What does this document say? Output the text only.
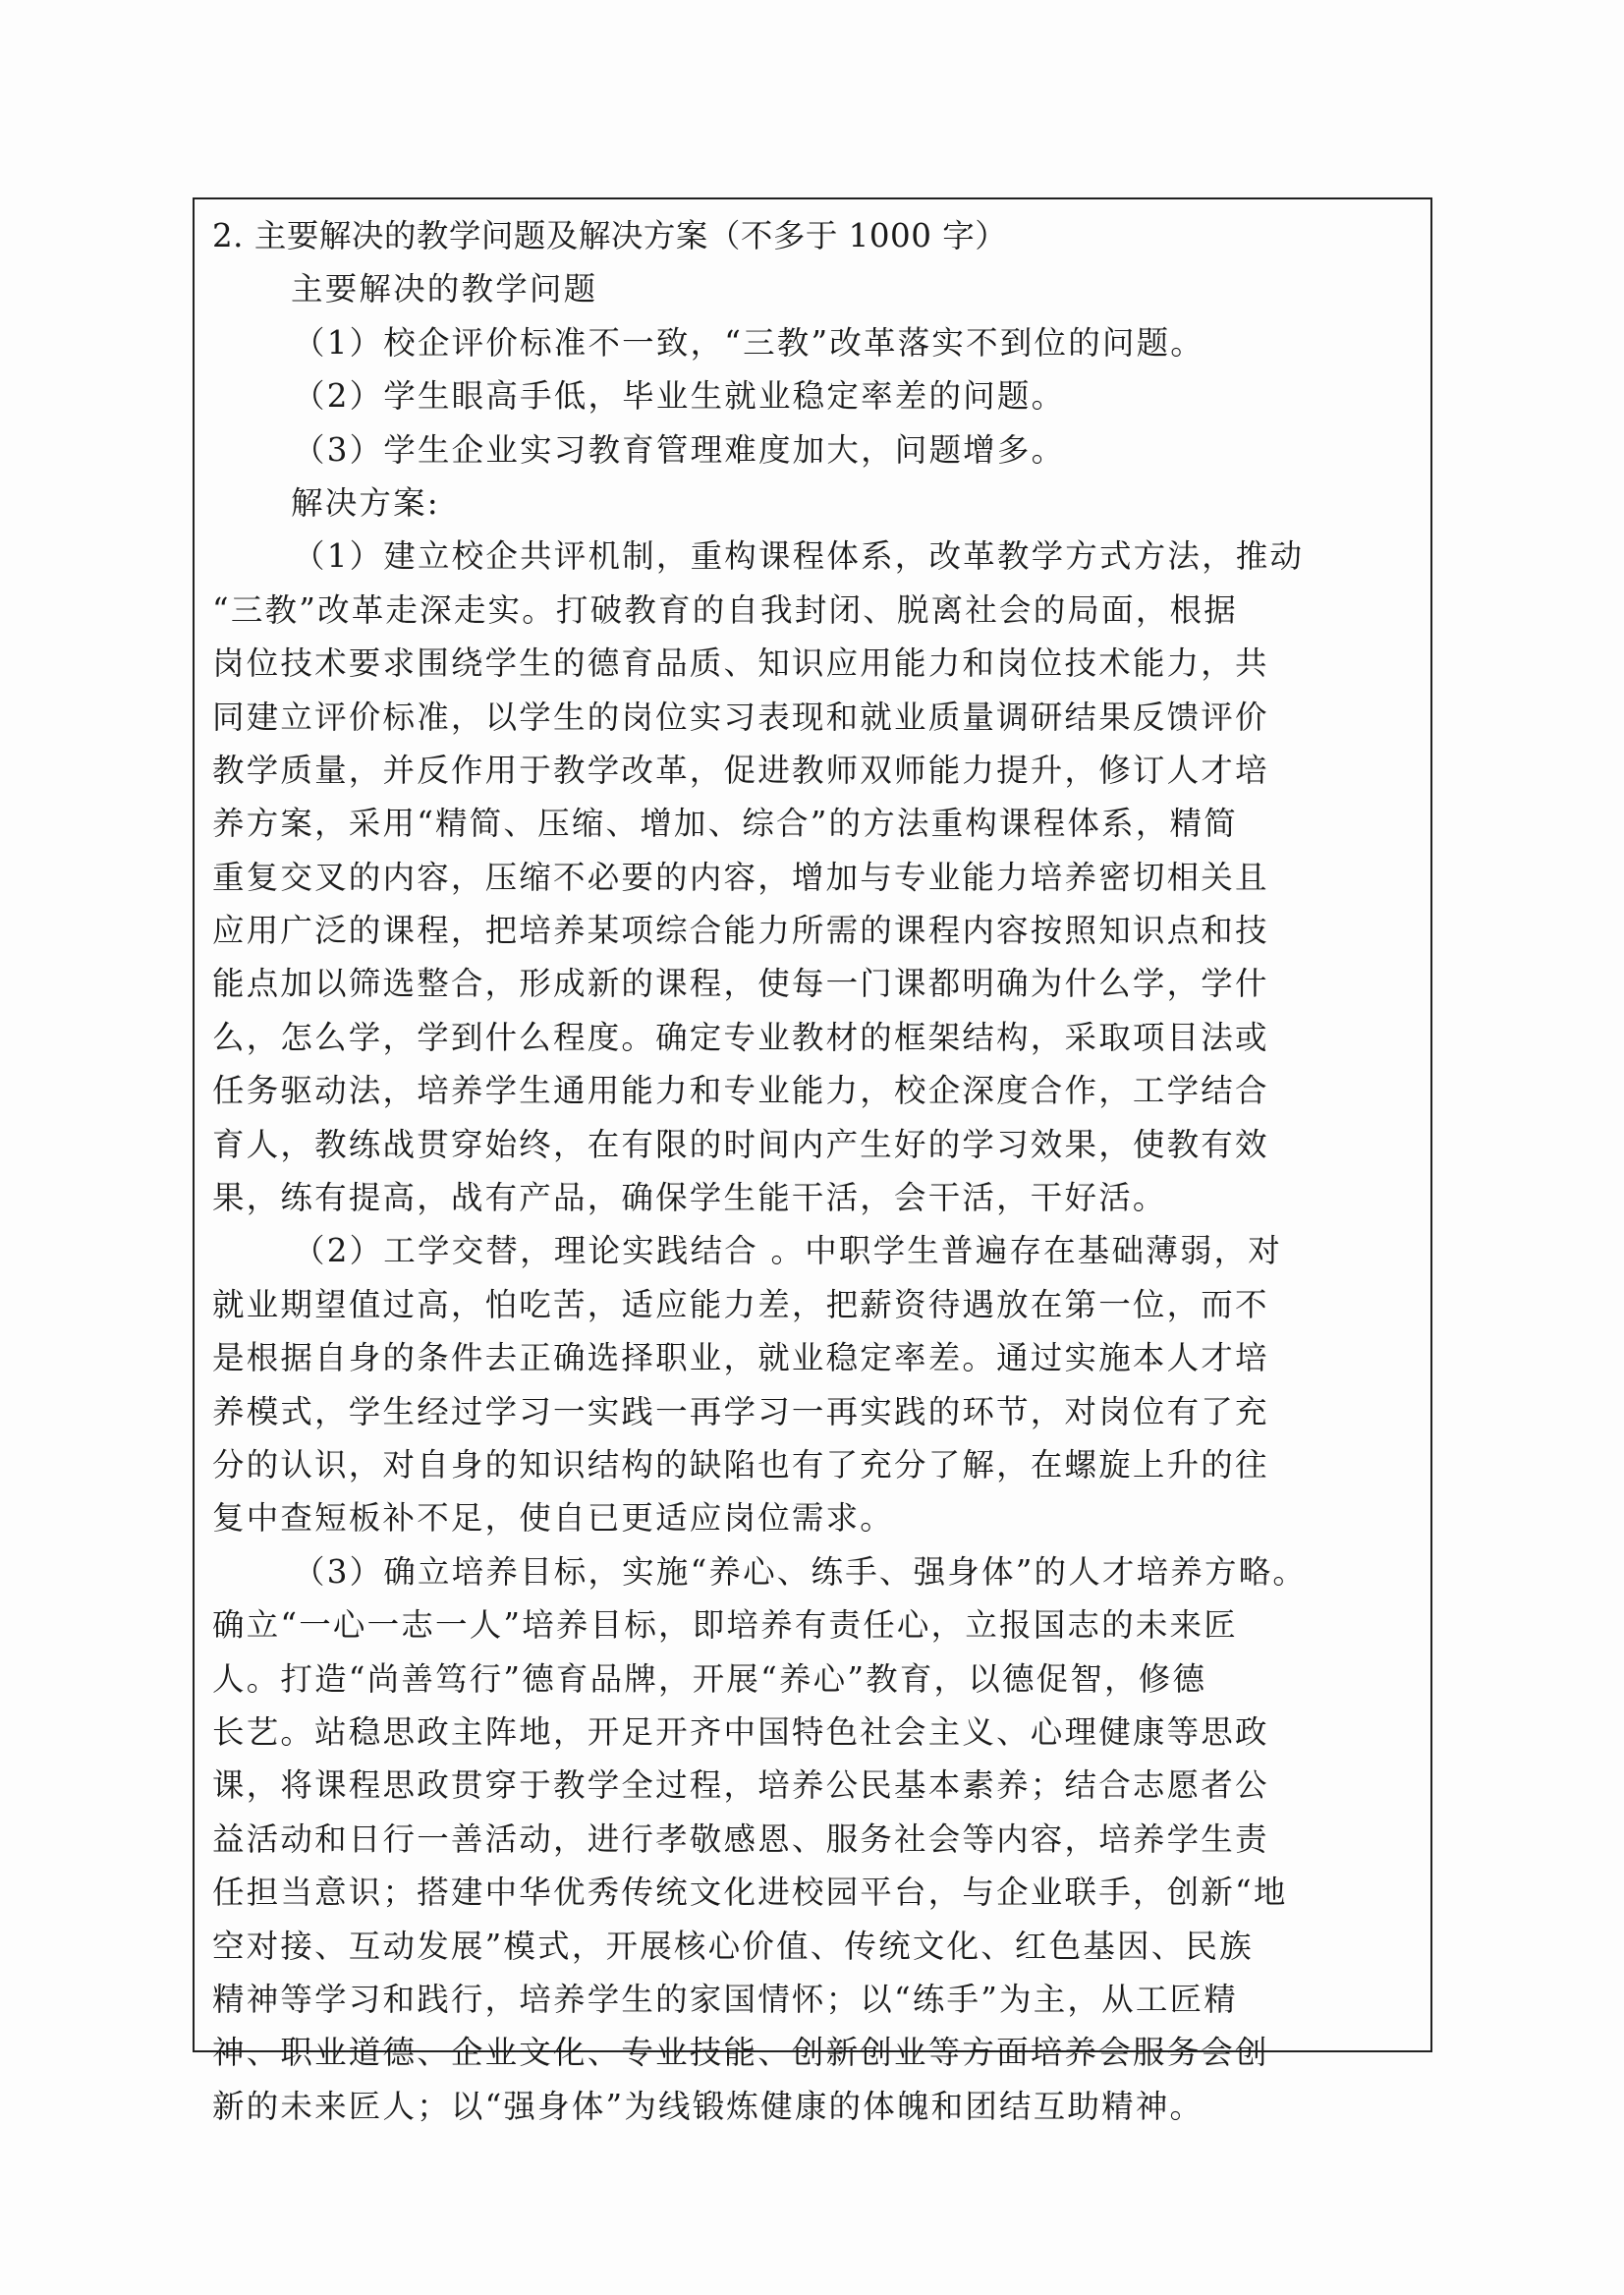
2. 主要解决的教学问题及解决方案（不多于 1000 字）
主要解决的教学问题
（1）校企评价标准不一致，“三教”改革落实不到位的问题。
（2）学生眼高手低，毕业生就业稳定率差的问题。
（3）学生企业实习教育管理难度加大，问题增多。
解决方案:
（1）建立校企共评机制，重构课程体系，改革教学方式方法，推动
“三教”改革走深走实。打破教育的自我封闭、脱离社会的局面，根据
岗位技术要求围绕学生的德育品质、知识应用能力和岗位技术能力，共
同建立评价标准，以学生的岗位实习表现和就业质量调研结果反馈评价
教学质量，并反作用于教学改革，促进教师双师能力提升，修订人才培
养方案，采用“精简、压缩、增加、综合”的方法重构课程体系，精简
重复交叉的内容，压缩不必要的内容，增加与专业能力培养密切相关且
应用广泛的课程，把培养某项综合能力所需的课程内容按照知识点和技
能点加以筛选整合，形成新的课程，使每一门课都明确为什么学，学什
么，怎么学，学到什么程度。确定专业教材的框架结构，采取项目法或
任务驱动法，培养学生通用能力和专业能力，校企深度合作，工学结合
育人，教练战贯穿始终，在有限的时间内产生好的学习效果，使教有效
果，练有提高，战有产品，确保学生能干活，会干活，干好活。
（2）工学交替，理论实践结合 。中职学生普遍存在基础薄弱，对
就业期望值过高，怕吃苦，适应能力差，把薪资待遇放在第一位，而不
是根据自身的条件去正确选择职业，就业稳定率差。通过实施本人才培
养模式，学生经过学习一实践一再学习一再实践的环节，对岗位有了充
分的认识，对自身的知识结构的缺陷也有了充分了解，在螺旋上升的往
复中查短板补不足，使自已更适应岗位需求。
（3）确立培养目标，实施“养心、练手、强身体”的人才培养方略。
确立“一心一志一人”培养目标，即培养有责任心，立报国志的未来匠
人。打造“尚善笃行”德育品牌，开展“养心”教育，以德促智，修德
长艺。站稳思政主阵地，开足开齐中国特色社会主义、心理健康等思政
课，将课程思政贯穿于教学全过程，培养公民基本素养；结合志愿者公
益活动和日行一善活动，进行孝敬感恩、服务社会等内容，培养学生责
任担当意识；搭建中华优秀传统文化进校园平台，与企业联手，创新“地
空对接、互动发展”模式，开展核心价值、传统文化、红色基因、民族
精神等学习和践行，培养学生的家国情怀；以“练手”为主，从工匠精
神、职业道德、企业文化、专业技能、创新创业等方面培养会服务会创
新的未来匠人；以“强身体”为线锻炼健康的体魄和团结互助精神。
